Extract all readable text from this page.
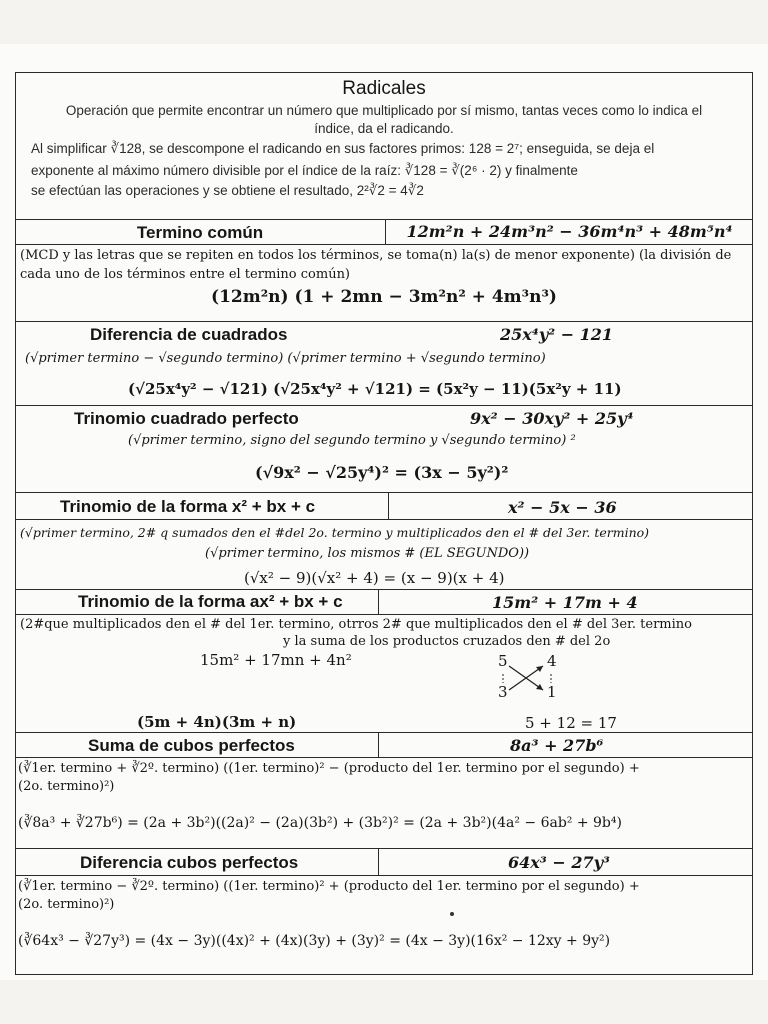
Radicales
Operación que permite encontrar un número que multiplicado por sí mismo, tantas veces como lo indica el
índice, da el radicando.
Al simplificar ∛128, se descompone el radicando en sus factores primos: 128 = 2⁷; enseguida, se deja el
exponente al máximo número divisible por el índice de la raíz: ∛128 = ∛(2⁶ · 2) y finalmente
se efectúan las operaciones y se obtiene el resultado, 2²∛2 = 4∛2
Termino común	12m²n + 24m³n² − 36m⁴n³ + 48m⁵n⁴
(MCD y las letras que se repiten en todos los términos, se toma(n) la(s) de menor exponente) (la división de
cada uno de los términos entre el termino común)
(12m²n) (1 + 2mn − 3m²n² + 4m³n³)
Diferencia de cuadrados	25x⁴y² − 121
(√primer termino − √segundo termino) (√primer termino + √segundo termino)
(√25x⁴y² − √121) (√25x⁴y² + √121) = (5x²y − 11)(5x²y + 11)
Trinomio cuadrado perfecto	9x² − 30xy² + 25y⁴
(√primer termino, signo del segundo termino y √segundo termino) ²
(√9x² − √25y⁴)² = (3x − 5y²)²
Trinomio de la forma x² + bx + c	x² − 5x − 36
(√primer termino, 2# q sumados den el #del 2o. termino y multiplicados den el # del 3er. termino)
(√primer termino, los mismos # (EL SEGUNDO))
(√x² − 9)(√x² + 4) = (x − 9)(x + 4)
Trinomio de la forma ax² + bx + c	15m² + 17m + 4
(2#que multiplicados den el # del 1er. termino, otrros 2# que multiplicados den el # del 3er. termino
y la suma de los productos cruzados den # del 2o
15m² + 17mn + 4n²	5	4
3	1
(5m + 4n)(3m + n)	5 + 12 = 17
Suma de cubos perfectos	8a³ + 27b⁶
(∛1er. termino + ∛2º. termino) ((1er. termino)² − (producto del 1er. termino por el segundo) +
(2o. termino)²)
(∛8a³ + ∛27b⁶) = (2a + 3b²)((2a)² − (2a)(3b²) + (3b²)² = (2a + 3b²)(4a² − 6ab² + 9b⁴)
Diferencia cubos perfectos	64x³ − 27y³
(∛1er. termino − ∛2º. termino) ((1er. termino)² + (producto del 1er. termino por el segundo) +
(2o. termino)²)
(∛64x³ − ∛27y³) = (4x − 3y)((4x)² + (4x)(3y) + (3y)² = (4x − 3y)(16x² − 12xy + 9y²)
